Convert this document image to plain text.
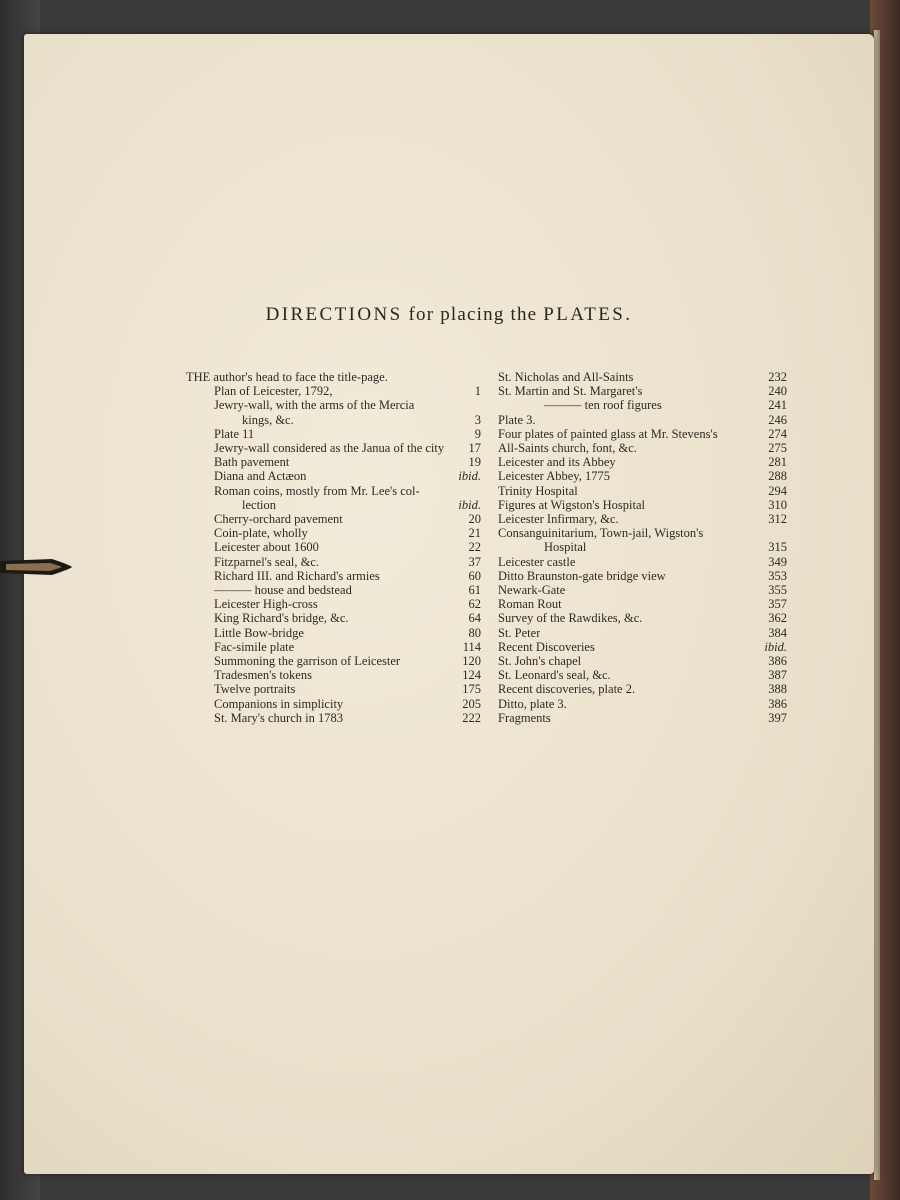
DIRECTIONS for placing the PLATES.
THE author's head to face the title-page.
Plan of Leicester, 1792,	1
Jewry-wall, with the arms of the Mercia
kings, &c.	3
Plate 11	9
Jewry-wall considered as the Janua of the city	17
Bath pavement	19
Diana and Actæon	ibid.
Roman coins, mostly from Mr. Lee's col-
lection	ibid.
Cherry-orchard pavement	20
Coin-plate, wholly	21
Leicester about 1600	22
Fitzparnel's seal, &c.	37
Richard III. and Richard's armies	60
——— house and bedstead	61
Leicester High-cross	62
King Richard's bridge, &c.	64
Little Bow-bridge	80
Fac-simile plate	114
Summoning the garrison of Leicester	120
Tradesmen's tokens	124
Twelve portraits	175
Companions in simplicity	205
St. Mary's church in 1783	222
St. Nicholas and All-Saints	232
St. Martin and St. Margaret's	240
——— ten roof figures	241
Plate 3.	246
Four plates of painted glass at Mr. Stevens's	274
All-Saints church, font, &c.	275
Leicester and its Abbey	281
Leicester Abbey, 1775	288
Trinity Hospital	294
Figures at Wigston's Hospital	310
Leicester Infirmary, &c.	312
Consanguinitarium, Town-jail, Wigston's
Hospital	315
Leicester castle	349
Ditto Braunston-gate bridge view	353
Newark-Gate	355
Roman Rout	357
Survey of the Rawdikes, &c.	362
St. Peter	384
Recent Discoveries	ibid.
St. John's chapel	386
St. Leonard's seal, &c.	387
Recent discoveries, plate 2.	388
Ditto, plate 3.	386
Fragments	397
